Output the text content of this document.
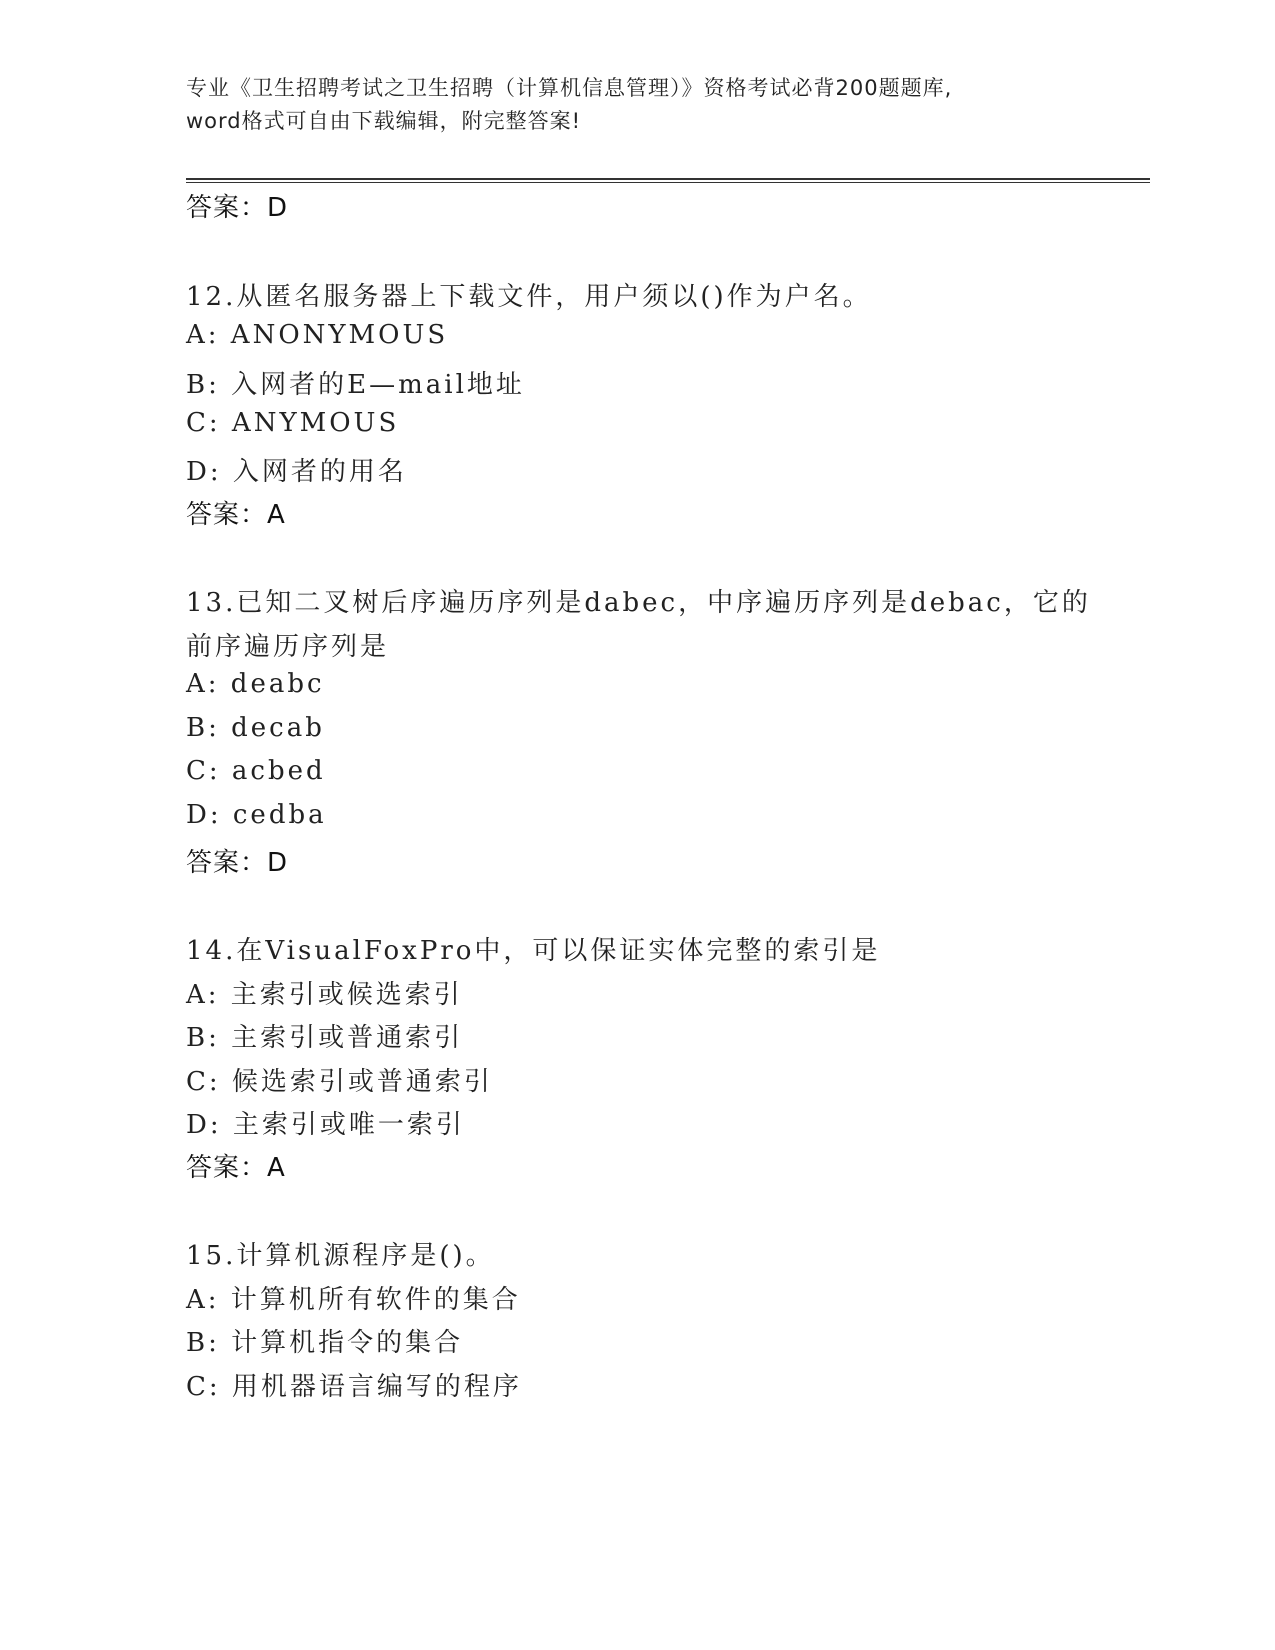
专业《卫生招聘考试之卫生招聘（计算机信息管理）》资格考试必背200题题库,
word格式可自由下载编辑，附完整答案!
答案：D
12.从匿名服务器上下载文件，用户须以()作为户名。
A: ANONYMOUS
B: 入网者的E—mail地址
C: ANYMOUS
D: 入网者的用名
答案：A
13.已知二叉树后序遍历序列是dabec，中序遍历序列是debac，它的
前序遍历序列是
A: deabc
B: decab
C: acbed
D: cedba
答案：D
14.在VisualFoxPro中，可以保证实体完整的索引是
A: 主索引或候选索引
B: 主索引或普通索引
C: 候选索引或普通索引
D: 主索引或唯一索引
答案：A
15.计算机源程序是()。
A: 计算机所有软件的集合
B: 计算机指令的集合
C: 用机器语言编写的程序
